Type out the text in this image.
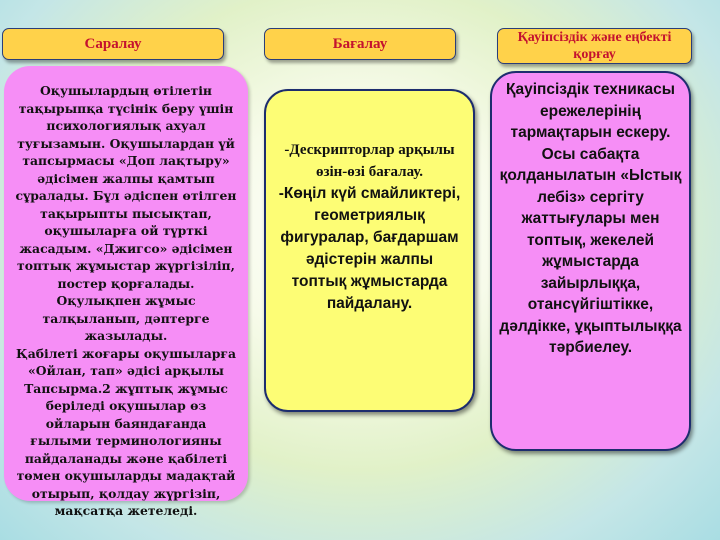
Саралау	Бағалау	Қауіпсіздік және еңбекті қорғау

Оқушылардың өтілетін тақырыпқа түсінік беру үшін психологиялық ахуал туғызамын. Оқушылардан үй тапсырмасы «Доп лақтыру» әдісімен жалпы қамтып сұралады. Бұл әдіспен өтілген тақырыпты пысықтап, оқушыларға ой түрткі жасадым. «Джигсо» әдісімен топтық жұмыстар жүргізіліп, постер қорғалады. Оқулықпен жұмыс талқыланып, дәптерге жазылады.

Қабілеті жоғары оқушыларға «Ойлан, тап» әдісі арқылы Тапсырма.2 жұптық жұмыс беріледі оқушылар өз ойларын баяндағанда ғылыми терминологияны пайдаланады және қабілеті төмен оқушыларды мадақтай отырып, қолдау жүргізіп, мақсатқа жетеледі.

-Дескрипторлар арқылы өзін-өзі бағалау.
-Көңіл күй смайликтері, геометриялық фигуралар, бағдаршам әдістерін жалпы топтық жұмыстарда пайдалану.
Қауіпсіздік техникасы ережелерінің тармақтарын ескеру.
Осы сабақта қолданылатын «Ыстық лебіз» сергіту жаттығулары мен топтық, жекелей жұмыстарда зайырлыққа, отансүйгіштікке, дәлдікке, ұқыптылыққа тәрбиелеу.
